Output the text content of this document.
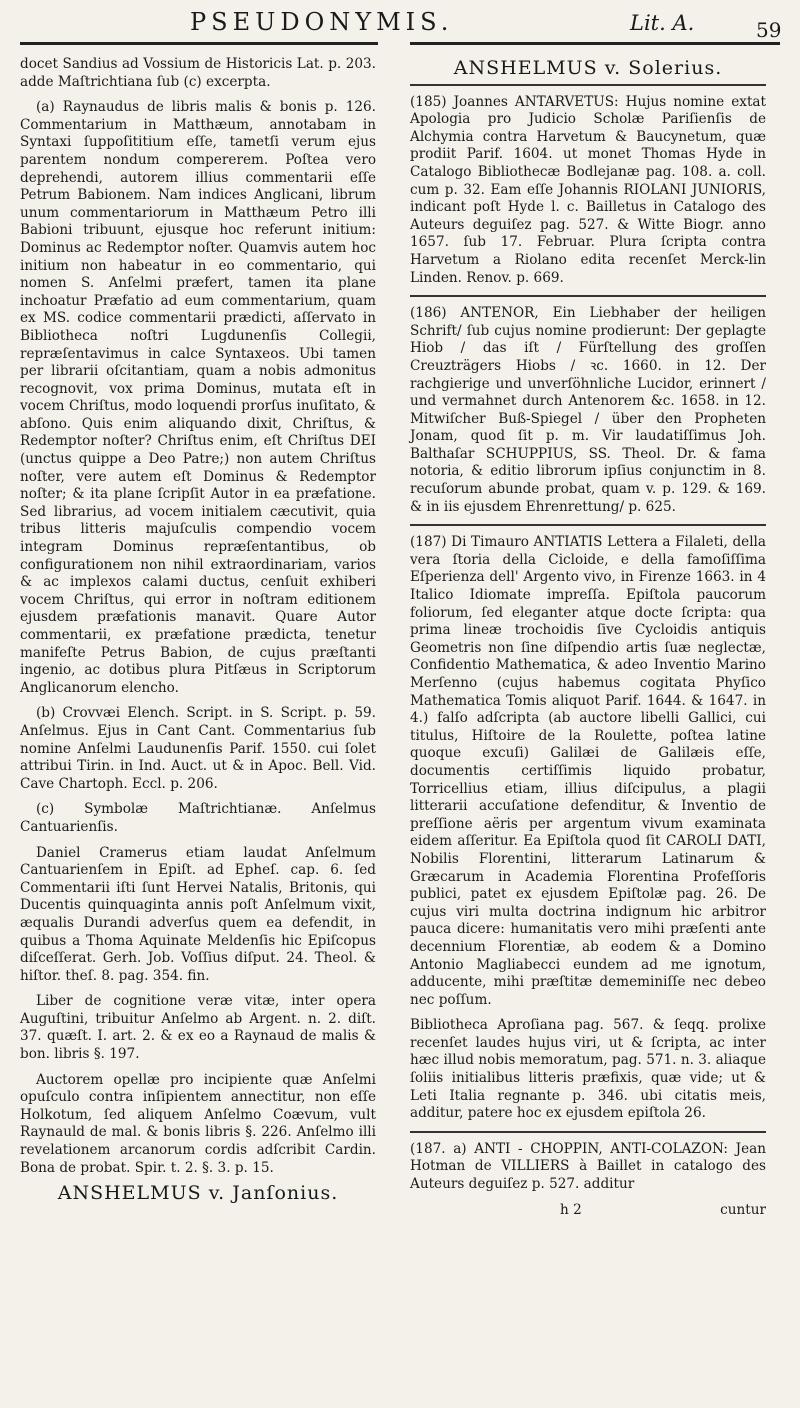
PSEUDONYMIS.	Lit. A.	59

docet Sandius ad Vossium de Historicis Lat. p. 203. adde Maſtrichtiana ſub (c) excerpta.

(a) Raynaudus de libris malis & bonis p. 126. Commentarium in Matthæum, annotabam in Syntaxi ſuppoſititium eſſe, tametſi verum ejus parentem nondum compererem. Poſtea vero deprehendi, autorem illius commentarii eſſe Petrum Babionem. Nam indices Anglicani, librum unum commentariorum in Matthæum Petro illi Babioni tribuunt, ejusque hoc referunt initium: Dominus ac Redemptor noſter. Quamvis autem hoc initium non habeatur in eo commentario, qui nomen S. Anſelmi præfert, tamen ita plane inchoatur Præfatio ad eum commentarium, quam ex MS. codice commentarii prædicti, aſſervato in Bibliotheca noſtri Lugdunenſis Collegii, repræſentavimus in calce Syntaxeos. Ubi tamen per librarii oſcitantiam, quam a nobis admonitus recognovit, vox prima Dominus, mutata eſt in vocem Chriſtus, modo loquendi prorſus inuſitato, & abſono. Quis enim aliquando dixit, Chriſtus, & Redemptor noſter? Chriſtus enim, eſt Chriſtus DEI (unctus quippe a Deo Patre;) non autem Chriſtus noſter, vere autem eſt Dominus & Redemptor noſter; & ita plane ſcripſit Autor in ea præfatione. Sed librarius, ad vocem initialem cæcutivit, quia tribus litteris majuſculis compendio vocem integram Dominus repræſentantibus, ob configurationem non nihil extraordinariam, varios & ac implexos calami ductus, cenſuit exhiberi vocem Chriſtus, qui error in noſtram editionem ejusdem præfationis manavit. Quare Autor commentarii, ex præfatione prædicta, tenetur manifeſte Petrus Babion, de cujus præſtanti ingenio, ac dotibus plura Pitſæus in Scriptorum Anglicanorum elencho.

(b) Crovvæi Elench. Script. in S. Script. p. 59. Anſelmus. Ejus in Cant Cant. Commentarius ſub nomine Anſelmi Laudunenſis Parif. 1550. cui ſolet attribui Tirin. in Ind. Auct. ut & in Apoc. Bell. Vid. Cave Chartoph. Eccl. p. 206.

(c) Symbolæ Maſtrichtianæ. Anſelmus Cantuarienſis.

Daniel Cramerus etiam laudat Anſelmum Cantuarienſem in Epiſt. ad Epheſ. cap. 6. ſed Commentarii iſti ſunt Hervei Natalis, Britonis, qui Ducentis quinquaginta annis poſt Anſelmum vixit, æqualis Durandi adverſus quem ea defendit, in quibus a Thoma Aquinate Meldenſis hic Epiſcopus diſceſſerat. Gerh. Job. Voſſius diſput. 24. Theol. & hiſtor. theſ. 8. pag. 354. fin.

Liber de cognitione veræ vitæ, inter opera Auguſtini, tribuitur Anſelmo ab Argent. n. 2. diſt. 37. quæſt. I. art. 2. & ex eo a Raynaud de malis & bon. libris §. 197.

Auctorem opellæ pro incipiente quæ Anſelmi opuſculo contra inſipientem annectitur, non eſſe Holkotum, ſed aliquem Anſelmo Coævum, vult Raynauld de mal. & bonis libris §. 226. Anſelmo illi revelationem arcanorum cordis adſcribit Cardin. Bona de probat. Spir. t. 2. §. 3. p. 15.

ANSHELMUS v. Janſonius.

ANSHELMUS v. Solerius.

(185) Joannes ANTARVETUS: Hujus nomine extat Apologia pro Judicio Scholæ Pariſienſis de Alchymia contra Harvetum & Baucynetum, quæ prodiit Parif. 1604. ut monet Thomas Hyde in Catalogo Bibliothecæ Bodlejanæ pag. 108. a. coll. cum p. 32. Eam eſſe Johannis RIOLANI JUNIORIS, indicant poſt Hyde l. c. Bailletus in Catalogo des Auteurs deguiſez pag. 527. & Witte Biogr. anno 1657. ſub 17. Februar. Plura ſcripta contra Harvetum a Riolano edita recenſet Merck-lin Linden. Renov. p. 669.

(186) ANTENOR, Ein Liebhaber der heiligen Schrift/ ſub cujus nomine prodierunt: Der geplagte Hiob / das iſt / Fürſtellung des groſſen Creuzträgers Hiobs / ꝛc. 1660. in 12. Der rachgierige und unverſöhnliche Lucidor, erinnert / und vermahnet durch Antenorem &c. 1658. in 12. Mitwiſcher Buß-Spiegel / über den Propheten Jonam, quod ſit p. m. Vir laudatiſſimus Joh. Balthaſar SCHUPPIUS, SS. Theol. Dr. & fama notoria, & editio librorum ipſius conjunctim in 8. recuſorum abunde probat, quam v. p. 129. & 169. & in iis ejusdem Ehrenrettung/ p. 625.

(187) Di Timauro ANTIATIS Lettera a Filaleti, della vera ſtoria della Cicloide, e della famoſiſſima Eſperienza dell' Argento vivo, in Firenze 1663. in 4 Italico Idiomate impreſſa. Epiſtola paucorum foliorum, ſed eleganter atque docte ſcripta: qua prima lineæ trochoidis ſive Cycloidis antiquis Geometris non ſine diſpendio artis ſuæ neglectæ, Confidentio Mathematica, & adeo Inventio Marino Merſenno (cujus habemus cogitata Phyſico Mathematica Tomis aliquot Parif. 1644. & 1647. in 4.) falſo adſcripta (ab auctore libelli Gallici, cui titulus, Hiſtoire de la Roulette, poſtea latine quoque excuſi) Galilæi de Galilæis eſſe, documentis certiſſimis liquido probatur, Torricellius etiam, illius diſcipulus, a plagii litterarii accuſatione defenditur, & Inventio de preſſione aëris per argentum vivum examinata eidem aſſeritur. Ea Epiſtola quod ſit CAROLI DATI, Nobilis Florentini, litterarum Latinarum & Græcarum in Academia Florentina Profeſſoris publici, patet ex ejusdem Epiſtolæ pag. 26. De cujus viri multa doctrina indignum hic arbitror pauca dicere: humanitatis vero mihi præſenti ante decennium Florentiæ, ab eodem & a Domino Antonio Magliabecci eundem ad me ignotum, adducente, mihi præſtitæ dememiniſſe nec debeo nec poſſum.

Bibliotheca Aproſiana pag. 567. & ſeqq. prolixe recenſet laudes hujus viri, ut & ſcripta, ac inter hæc illud nobis memoratum, pag. 571. n. 3. aliaque ſoliis initialibus litteris præfixis, quæ vide; ut & Leti Italia regnante p. 346. ubi citatis meis, additur, patere hoc ex ejusdem epiſtola 26.

(187. a) ANTI - CHOPPIN, ANTI-COLAZON: Jean Hotman de VILLIERS à Baillet in catalogo des Auteurs deguiſez p. 527. additur

h 2	cuntur
